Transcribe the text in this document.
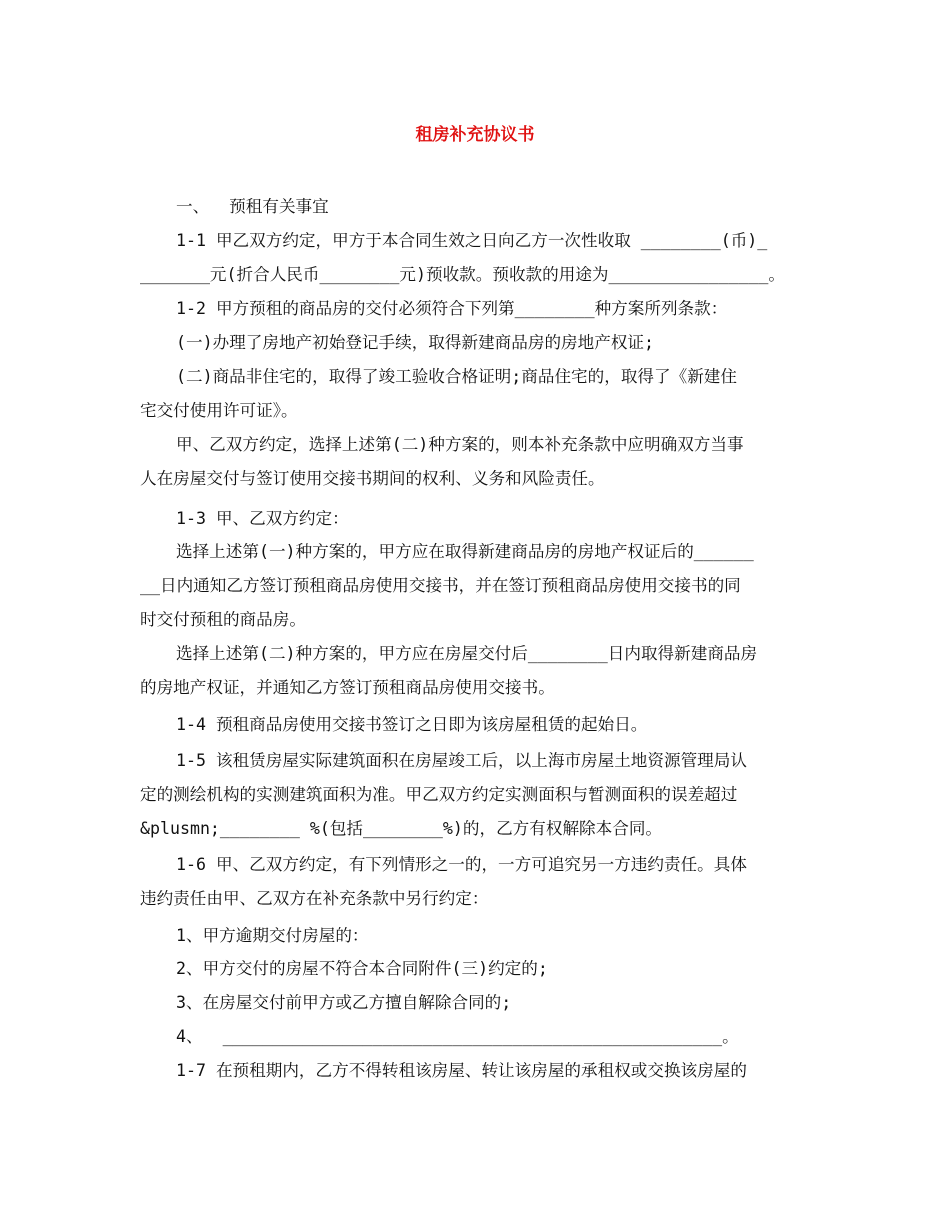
租房补充协议书
一、  预租有关事宜
1-1 甲乙双方约定，甲方于本合同生效之日向乙方一次性收取 ________(币)_
_______元(折合人民币________元)预收款。预收款的用途为________________。
1-2 甲方预租的商品房的交付必须符合下列第________种方案所列条款：
(一)办理了房地产初始登记手续，取得新建商品房的房地产权证;
(二)商品非住宅的，取得了竣工验收合格证明;商品住宅的，取得了《新建住
宅交付使用许可证》。
甲、乙双方约定，选择上述第(二)种方案的，则本补充条款中应明确双方当事
人在房屋交付与签订使用交接书期间的权利、义务和风险责任。
1-3 甲、乙双方约定：
选择上述第(一)种方案的，甲方应在取得新建商品房的房地产权证后的______
__日内通知乙方签订预租商品房使用交接书，并在签订预租商品房使用交接书的同
时交付预租的商品房。
选择上述第(二)种方案的，甲方应在房屋交付后________日内取得新建商品房
的房地产权证，并通知乙方签订预租商品房使用交接书。
1-4 预租商品房使用交接书签订之日即为该房屋租赁的起始日。
1-5 该租赁房屋实际建筑面积在房屋竣工后，以上海市房屋土地资源管理局认
定的测绘机构的实测建筑面积为准。甲乙双方约定实测面积与暂测面积的误差超过
&plusmn;________ %(包括________%)的，乙方有权解除本合同。
1-6 甲、乙双方约定，有下列情形之一的，一方可追究另一方违约责任。具体
违约责任由甲、乙双方在补充条款中另行约定：
1、甲方逾期交付房屋的：
2、甲方交付的房屋不符合本合同附件(三)约定的;
3、在房屋交付前甲方或乙方擅自解除合同的;
4、  __________________________________________________。
1-7 在预租期内，乙方不得转租该房屋、转让该房屋的承租权或交换该房屋的
